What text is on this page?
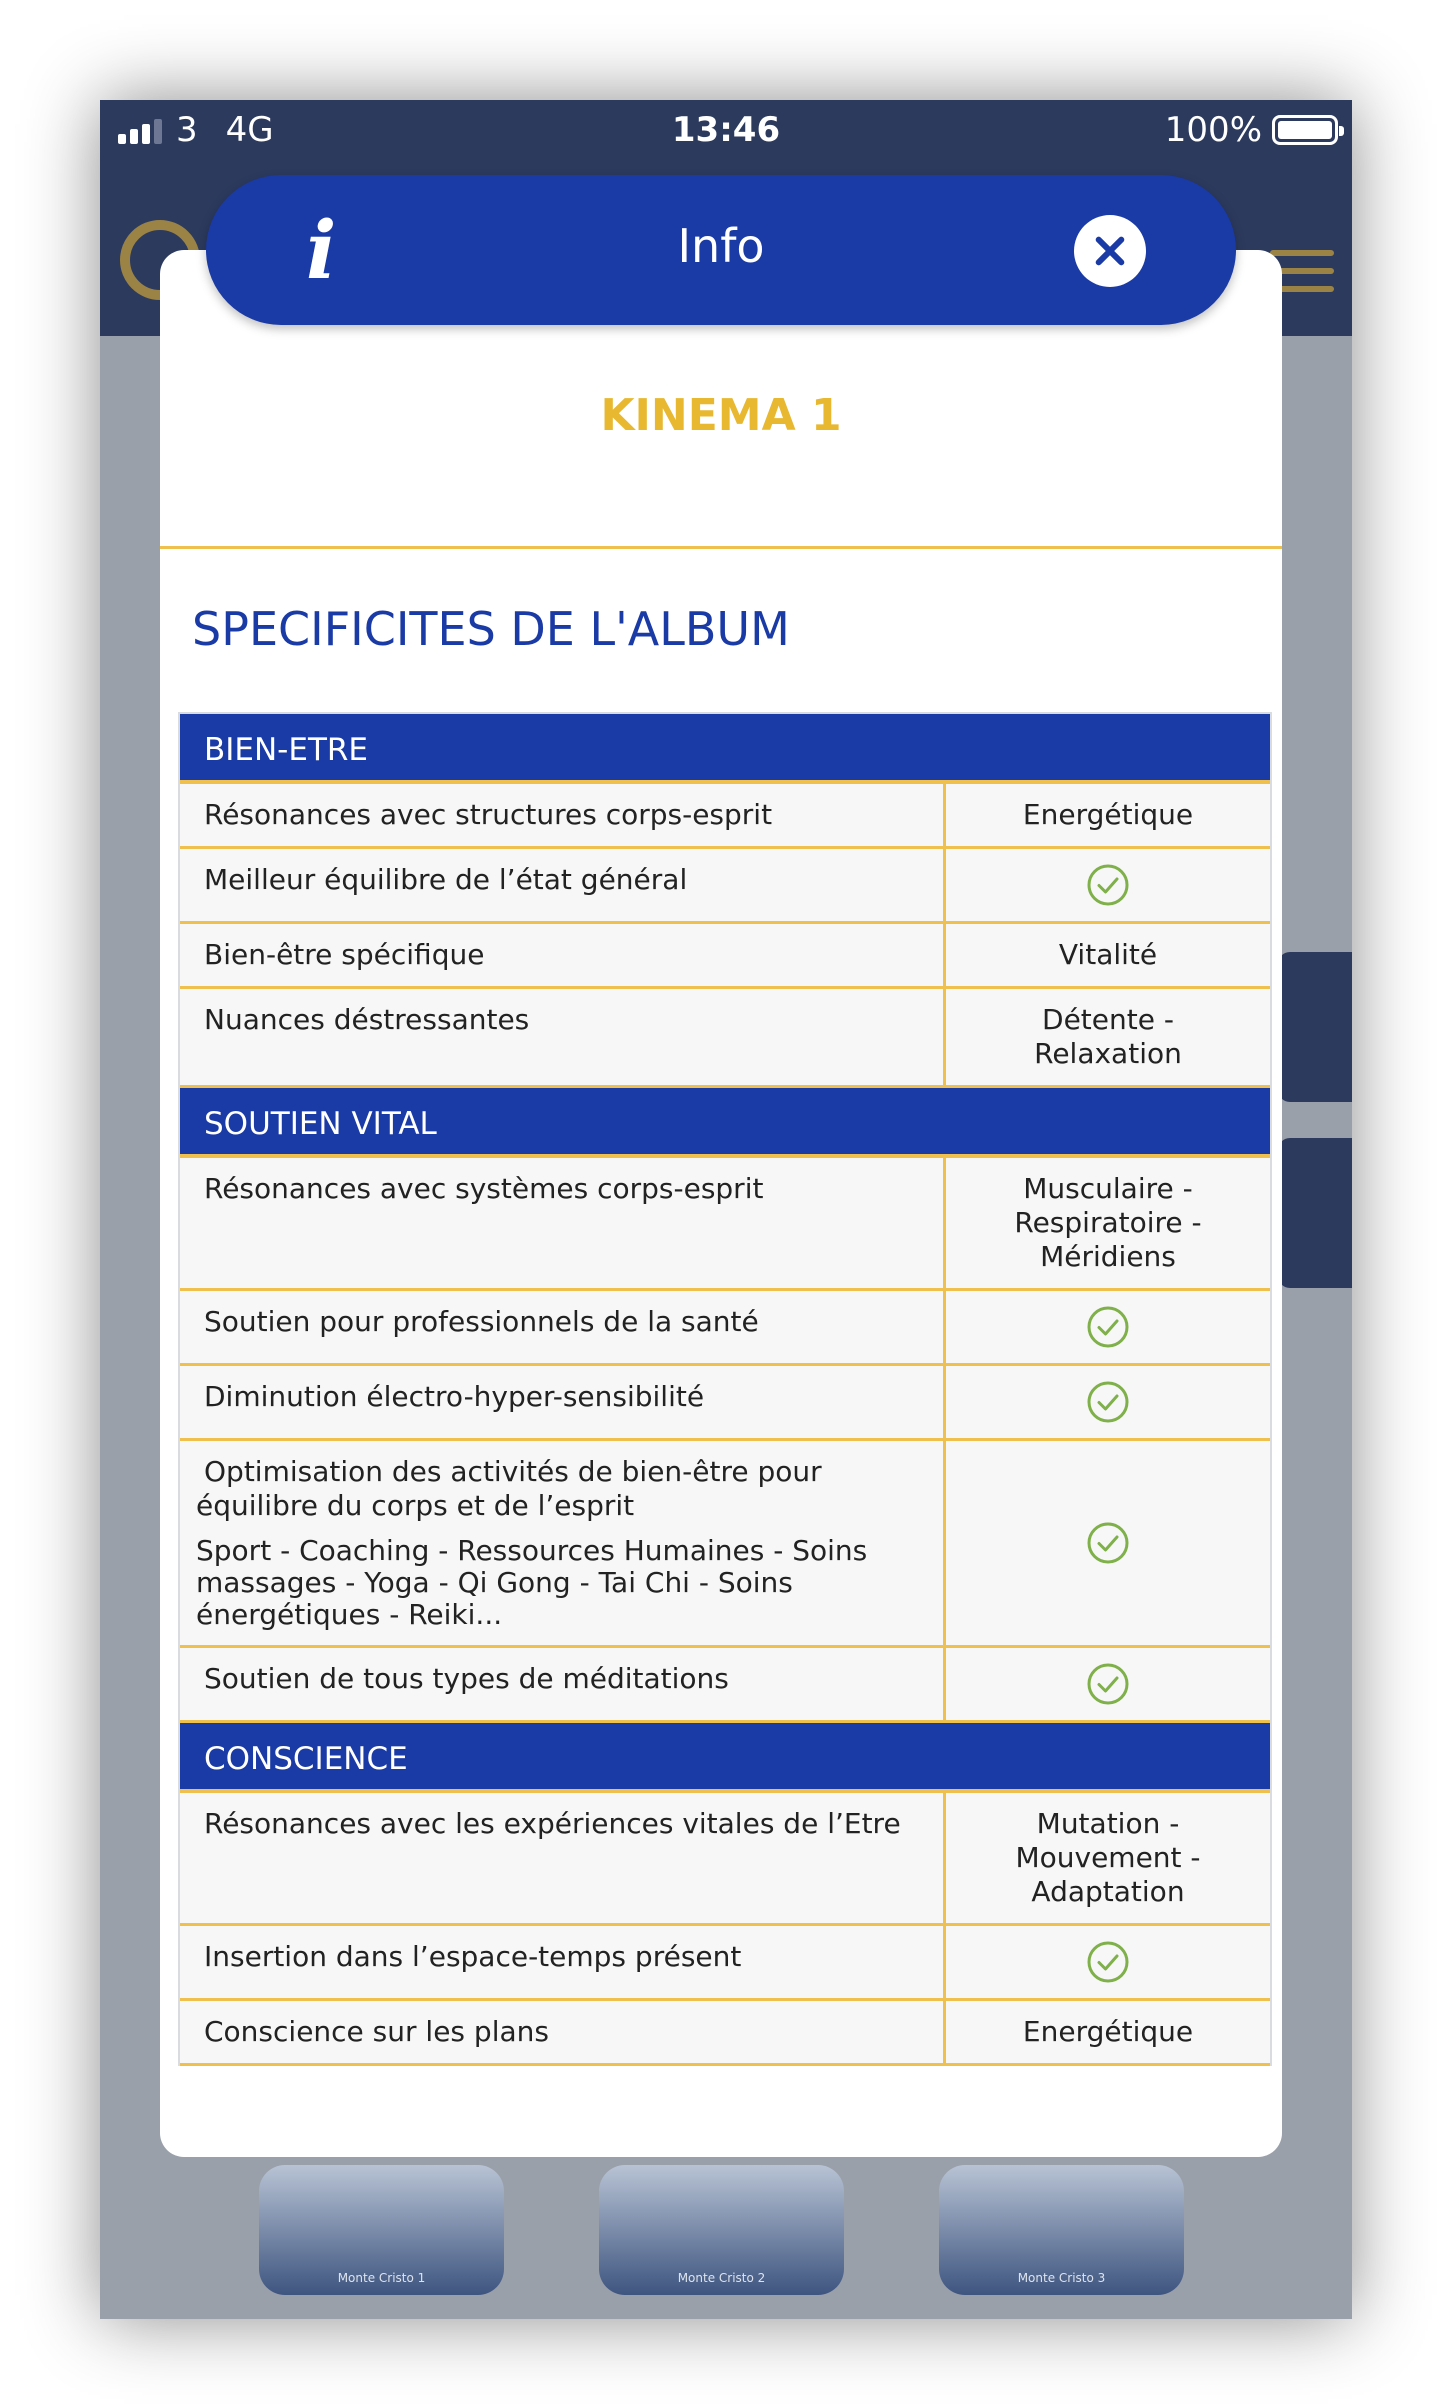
3 4G	13:46	100%
Monte Cristo 1	Monte Cristo 2	Monte Cristo 3
KINEMA 1
SPECIFICITES DE L'ALBUM
BIEN-ETRE
Résonances avec structures corps-esprit	Energétique
Meilleur équilibre de l’état général
Bien-être spécifique	Vitalité
Nuances déstressantes	Détente -
Relaxation
SOUTIEN VITAL
Résonances avec systèmes corps-esprit	Musculaire -
Respiratoire -
Méridiens
Soutien pour professionnels de la santé
Diminution électro-hyper-sensibilité
Optimisation des activités de bien-être pour
équilibre du corps et de l’esprit
Sport - Coaching - Ressources Humaines - Soins
massages - Yoga - Qi Gong - Tai Chi - Soins
énergétiques - Reiki...
Soutien de tous types de méditations
CONSCIENCE
Résonances avec les expériences vitales de l’Etre	Mutation -
Mouvement -
Adaptation
Insertion dans l’espace-temps présent
Conscience sur les plans	Energétique
i	Info
